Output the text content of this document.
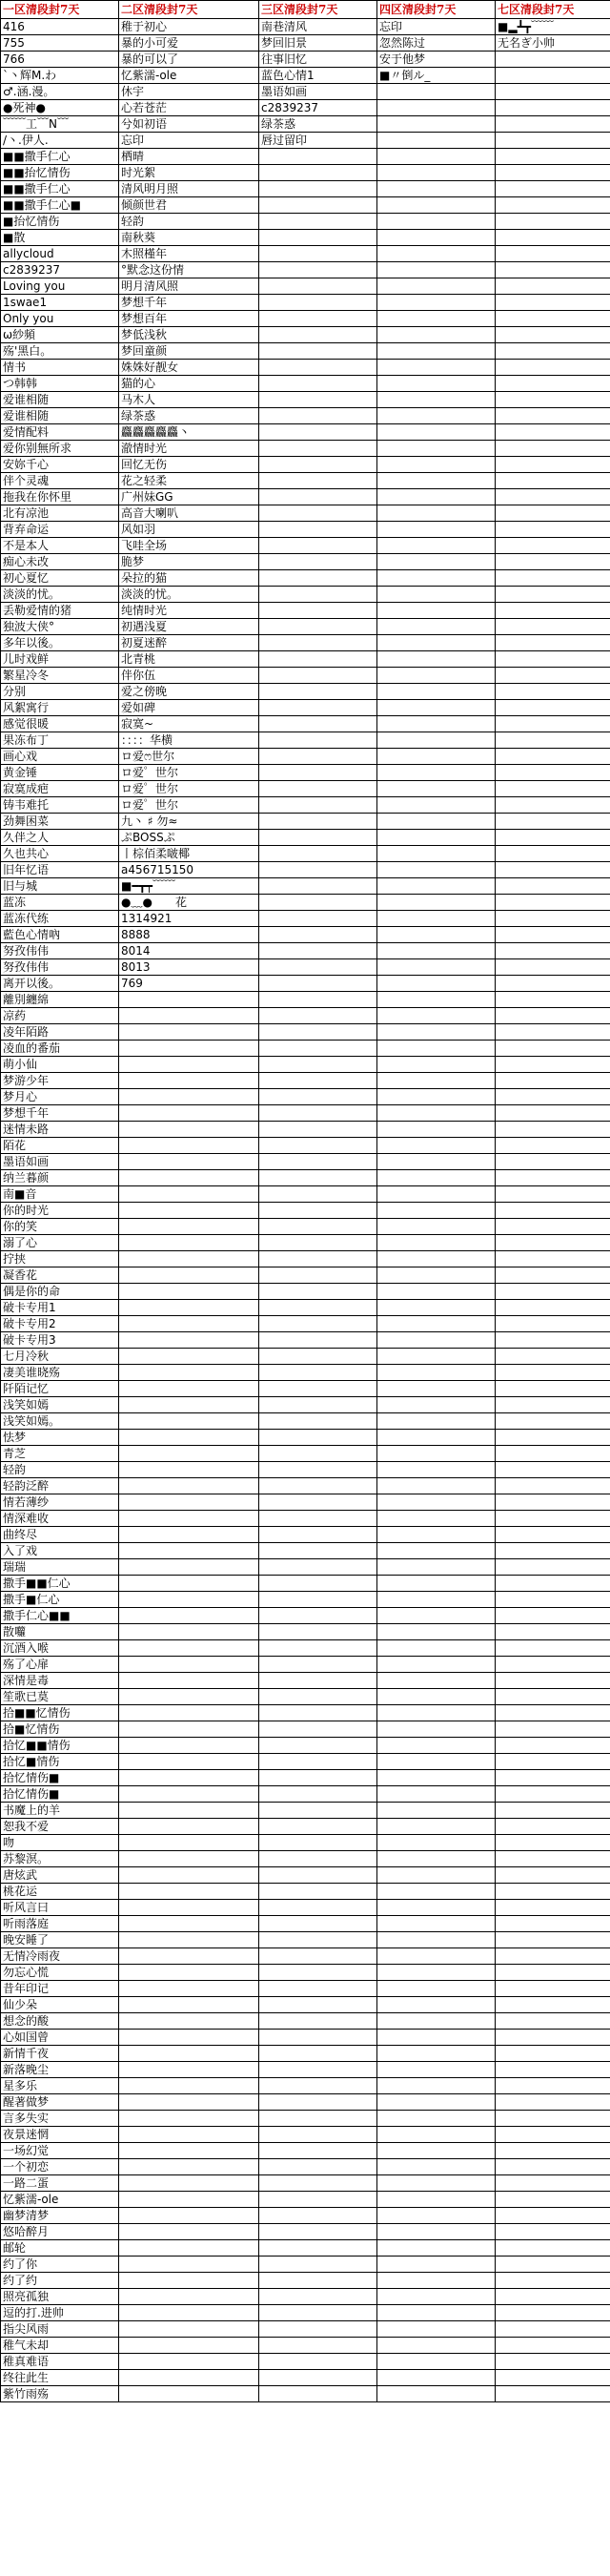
一区清段封7天	二区清段封7天	三区清段封7天	四区清段封7天	七区清段封7天
416	稚于初心	南巷清风	忘印	■▂┻┳﹋﹋
755	暴的小可爱	梦回旧景	忽然陈过	无名ぎ小帅
766	暴的可以了	往事旧忆	安于他梦	
`丶辉M.わ	忆紫濡-ole	蓝色心情1	■〃倒ル_	
♂.涵.漫。	休宇	墨语如画		
●死神●	心若苍茫	c2839237		
﹋﹋工﹋N﹋	兮如初语	绿茶惑		
/丶.伊人.	忘印	唇过留印		
■■撒手仁心	栖晴			
■■抬忆情伤	时光絮			
■■撒手仁心	清风明月照			
■■撒手仁心■	倾颜世君			
■抬忆情伤	轻韵			
■散	南秋葵			
allycloud	木照槿年			
c2839237	°默念这份情			
Loving you	明月清风照			
1swae1	梦想千年			
Only you	梦想百年			
ω紗頻	梦低浅秋			
殇'黑白。	梦回童颜			
情书	姝姝好靓女			
つ韩韩	猫的心			
爱谁相随	马木人			
爱谁相随	绿茶惑			
爱情配料	麤麤麤麤麤丶			
爱你别無所求	澈情时光			
安妳千心	回忆无伤			
伴个灵魂	花之轻柔			
拖我在你怀里	广州妹GG			
北有凉池	高音大喇叭			
背弃命运	风如羽			
不是本人	飞哇全场			
痴心未改	脆梦			
初心夏忆	朵拉的猫			
淡淡的忧。	淡淡的忧。			
丢勒爱情的猪	纯情时光			
独波大侠°	初遇浅夏			
多年以後。	初夏迷醉			
儿时戏鲜	北青桃			
繁星冷冬	伴你伍			
分别	爱之傍晚			
风絮寓行	爱如碑			
感觉很暖	寂寞~			
果冻布丁	：：：：华横			
画心戏	ロ爱ෆ世尔			
黄金锤	ロ爱゜世尔			
寂寞成疤	ロ爱゜世尔			
铸韦难托	ロ爱゜世尔			
劲舞困菜	九丶 ♯ 勿≈			
久伴之人	ぷBOSSぷ			
久也共心	丨棕佰柔啵椰			
旧年忆语	a456715150			
旧与城	■━┳┯﹋﹋			
蓝冻	●﹏●　　花			
蓝冻代练	1314921			
藍色心情吶	8888			
努孜伟伟	8014			
努孜伟伟	8013			
离开以後。	769			
離別纏綿				
凉药				
凌年陌路				
凌血的番茄				
萌小仙				
梦游少年				
梦月心				
梦想千年				
迷情未路				
陌花				
墨语如画				
纳兰暮颜				
南■音				
你的时光				
你的笑				
溺了心				
拧挟				
凝香花				
偶是你的命				
破卡专用1				
破卡专用2				
破卡专用3				
七月冷秋				
凄美谁晓殇				
阡陌记忆				
浅笑如嫣				
浅笑如嫣。				
怯梦				
青芝				
轻韵				
轻韵泛醉				
情若薄纱				
情深难收				
曲终尽				
入了戏				
瑞瑞				
撒手■■仁心				
撒手■仁心				
撒手仁心■■				
散囖				
沉酒入喉				
殇了心扉				
深情是毒				
笙歌已莫				
拾■■忆情伤				
拾■忆情伤				
拾忆■■情伤				
拾忆■情伤				
拾忆情伤■				
拾忆情伤■				
书魔上的羊				
恕我不爱				
吻				
苏黎溟。				
唐炫武				
桃花运				
听风言曰				
听雨落庭				
晚安睡了				
无情冷雨夜				
勿忘心慌				
昔年印记				
仙少朵				
想念的酸				
心如国曾				
新情千夜				
新落晚尘				
星多乐				
醒著做梦				
言多失实				
夜景迷惘				
一场幻觉				
一个初恋				
一路二蛋				
忆紫濡-ole				
幽梦清梦				
悠哈醉月				
邮轮				
约了你				
约了约				
照亮孤独				
逗的打.进帅				
指尖风雨				
稚气未却				
稚真难语				
终往此生				
紫竹雨殇				
